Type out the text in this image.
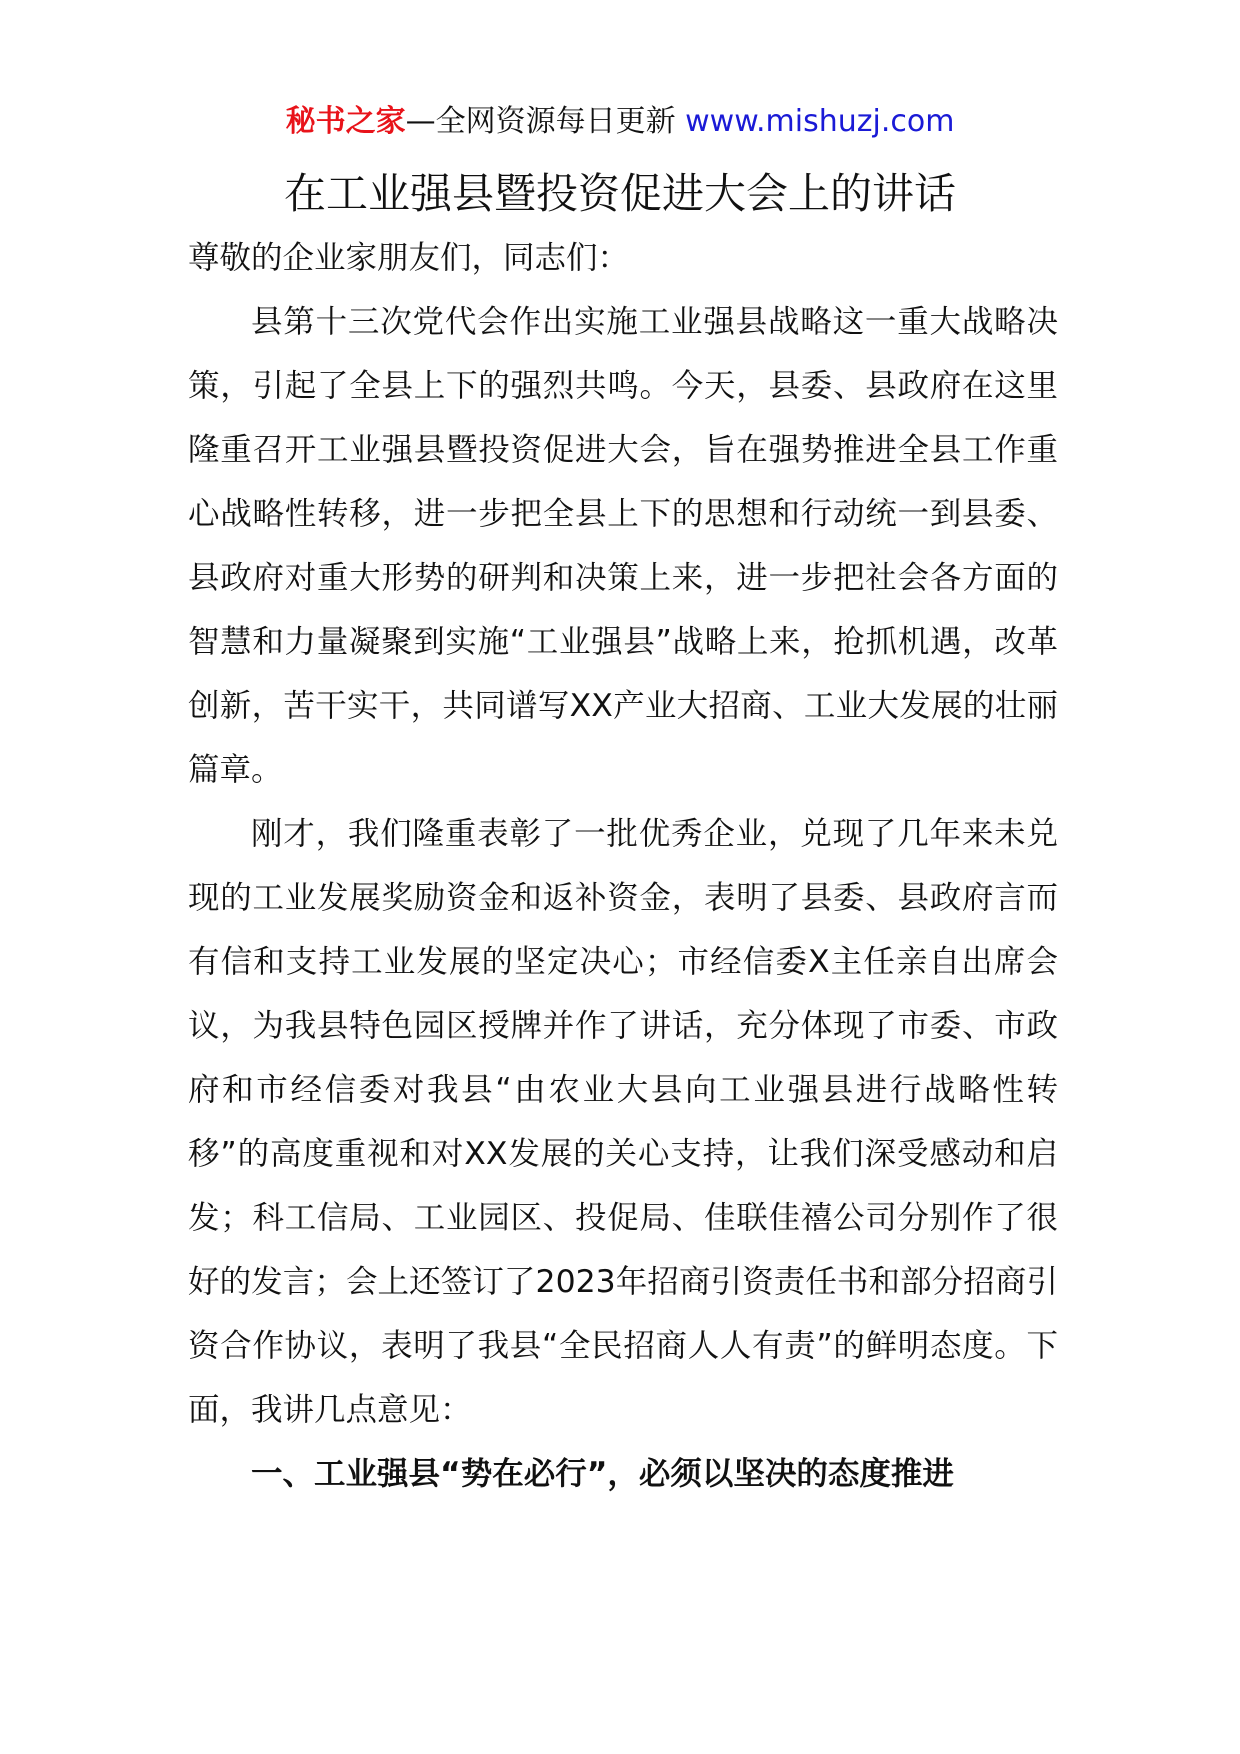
秘书之家—全网资源每日更新 www.mishuzj.com
在工业强县暨投资促进大会上的讲话

尊敬的企业家朋友们，同志们：

县第十三次党代会作出实施工业强县战略这一重大战略决策，引起了全县上下的强烈共鸣。今天，县委、县政府在这里隆重召开工业强县暨投资促进大会，旨在强势推进全县工作重心战略性转移，进一步把全县上下的思想和行动统一到县委、县政府对重大形势的研判和决策上来，进一步把社会各方面的智慧和力量凝聚到实施“工业强县”战略上来，抢抓机遇，改革创新，苦干实干，共同谱写XX产业大招商、工业大发展的壮丽篇章。

刚才，我们隆重表彰了一批优秀企业，兑现了几年来未兑现的工业发展奖励资金和返补资金，表明了县委、县政府言而有信和支持工业发展的坚定决心；市经信委X主任亲自出席会议，为我县特色园区授牌并作了讲话，充分体现了市委、市政府和市经信委对我县“由农业大县向工业强县进行战略性转移”的高度重视和对XX发展的关心支持，让我们深受感动和启发；科工信局、工业园区、投促局、佳联佳禧公司分别作了很好的发言；会上还签订了2023年招商引资责任书和部分招商引资合作协议，表明了我县“全民招商人人有责”的鲜明态度。下面，我讲几点意见：

一、工业强县“势在必行”，必须以坚决的态度推进
